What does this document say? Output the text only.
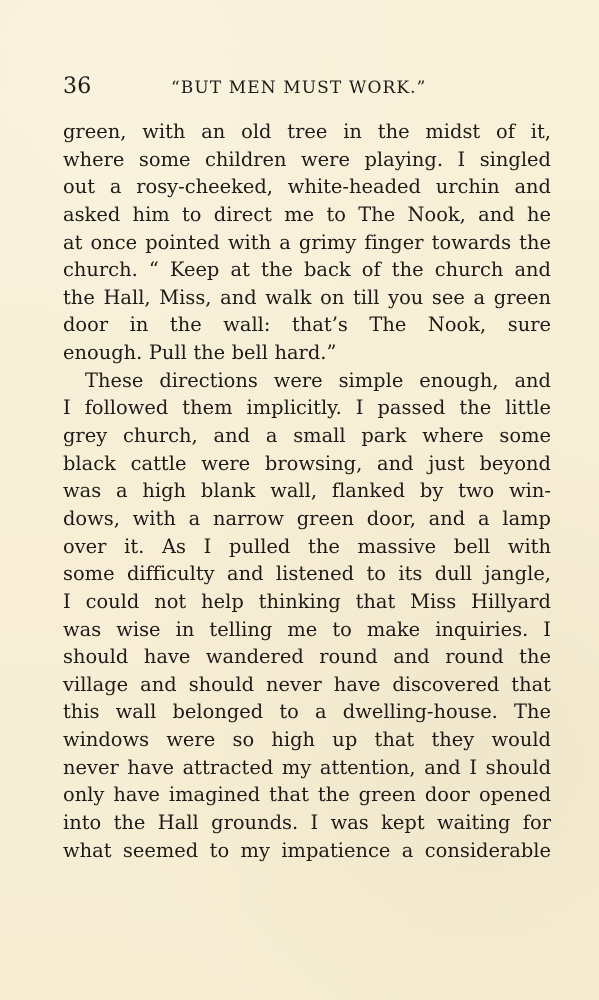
36	“BUT MEN MUST WORK.”
green, with an old tree in the midst of it,
where some children were playing. I singled
out a rosy-cheeked, white-headed urchin and
asked him to direct me to The Nook, and he
at once pointed with a grimy finger towards the
church. “ Keep at the back of the church and
the Hall, Miss, and walk on till you see a green
door in the wall: that’s The Nook, sure
enough. Pull the bell hard.”
These directions were simple enough, and
I followed them implicitly. I passed the little
grey church, and a small park where some
black cattle were browsing, and just beyond
was a high blank wall, flanked by two win-
dows, with a narrow green door, and a lamp
over it. As I pulled the massive bell with
some difficulty and listened to its dull jangle,
I could not help thinking that Miss Hillyard
was wise in telling me to make inquiries. I
should have wandered round and round the
village and should never have discovered that
this wall belonged to a dwelling-house. The
windows were so high up that they would
never have attracted my attention, and I should
only have imagined that the green door opened
into the Hall grounds. I was kept waiting for
what seemed to my impatience a considerable
